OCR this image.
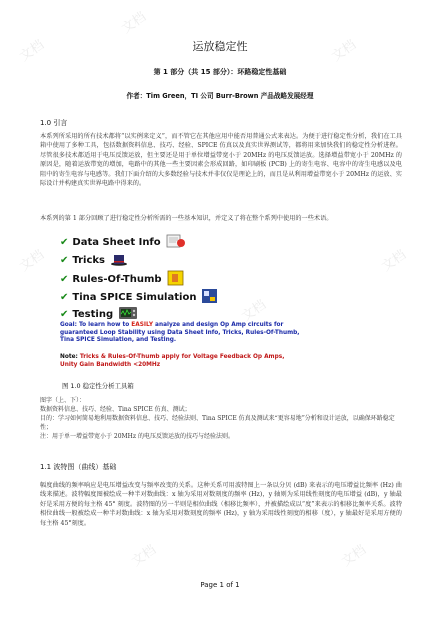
文档
文档
文档
文档	文档
文档
文档	文档
运放稳定性
第 1 部分（共 15 部分）：环路稳定性基础
作者：Tim Green，TI 公司 Burr-Brown 产品战略发展经理
1.0 引言
本系列所采用的所有技术都将“以实例来定义”，而不管它在其他应用中能否用普通公式来表达。为便于进行稳定性分析，我们在工具箱中使用了多种工具，包括数据资料信息、技巧、经验、SPICE 仿真以及真实世界测试等，都将用来加快我们的稳定性分析进程。尽管很多技术都适用于电压反馈运放，但主要还是用于单位增益带宽小于 20MHz 的电压反馈运放。选择增益带宽小于 20MHz 的原因是，随着运放带宽的增加，电路中的其他一些主要因素会形成回路，如印刷板 (PCB) 上的寄生电容、电容中的寄生电感以及电阻中的寄生电容与电感等。我们下面介绍的大多数经验与技术并非仅仅是理论上的，而且是从利用增益带宽小于 20MHz 的运放、实际设计并构建真实世界电路中得来的。
本系列的第 1 部分回顾了进行稳定性分析所需的一些基本知识，并定义了将在整个系列中使用的一些术语。
✔ Data Sheet Info
✔ Tricks
✔ Rules-Of-Thumb
✔ Tina SPICE Simulation
✔ Testing
Goal: To learn how to EASILY analyze and design Op Amp circuits for guaranteed Loop Stability using Data Sheet Info, Tricks, Rules-Of-Thumb, Tina SPICE Simulation, and Testing.
Note: Tricks & Rules-Of-Thumb apply for Voltage Feedback Op Amps, Unity Gain Bandwidth <20MHz
图 1.0 稳定性分析工具箱
图字（上、下）：
数据资料信息、技巧、经验、Tina SPICE 仿真、测试；
目的：学习如何简易地利用数据资料信息、技巧、经验法则、Tina SPICE 仿真及测试来“更容易地”分析和设计运放，以确保环路稳定性；
注：用于单一增益带宽小于 20MHz 的电压反馈运放的技巧与经验法则。
1.1 波特图（曲线）基础
幅度曲线的频率响应是电压增益改变与频率改变的关系。这种关系可用波特图上一条以分贝 (dB) 来表示的电压增益比频率 (Hz) 曲线来描述。波特幅度图被绘成一种半对数曲线：x 轴为采用对数刻度的频率 (Hz)，y 轴则为采用线性刻度的电压增益 (dB)，y 轴最好是采用方便的每主格 45° 刻度。波特图的另一半则是相位曲线（相移比频率），并被描绘成以“度”来表示的相移比频率关系。波特相位曲线一般被绘成一种半对数曲线：x 轴为采用对数刻度的频率 (Hz)，y 轴为采用线性刻度的相移（度），y 轴最好是采用方便的每主格 45°刻度。
Page 1 of 1
